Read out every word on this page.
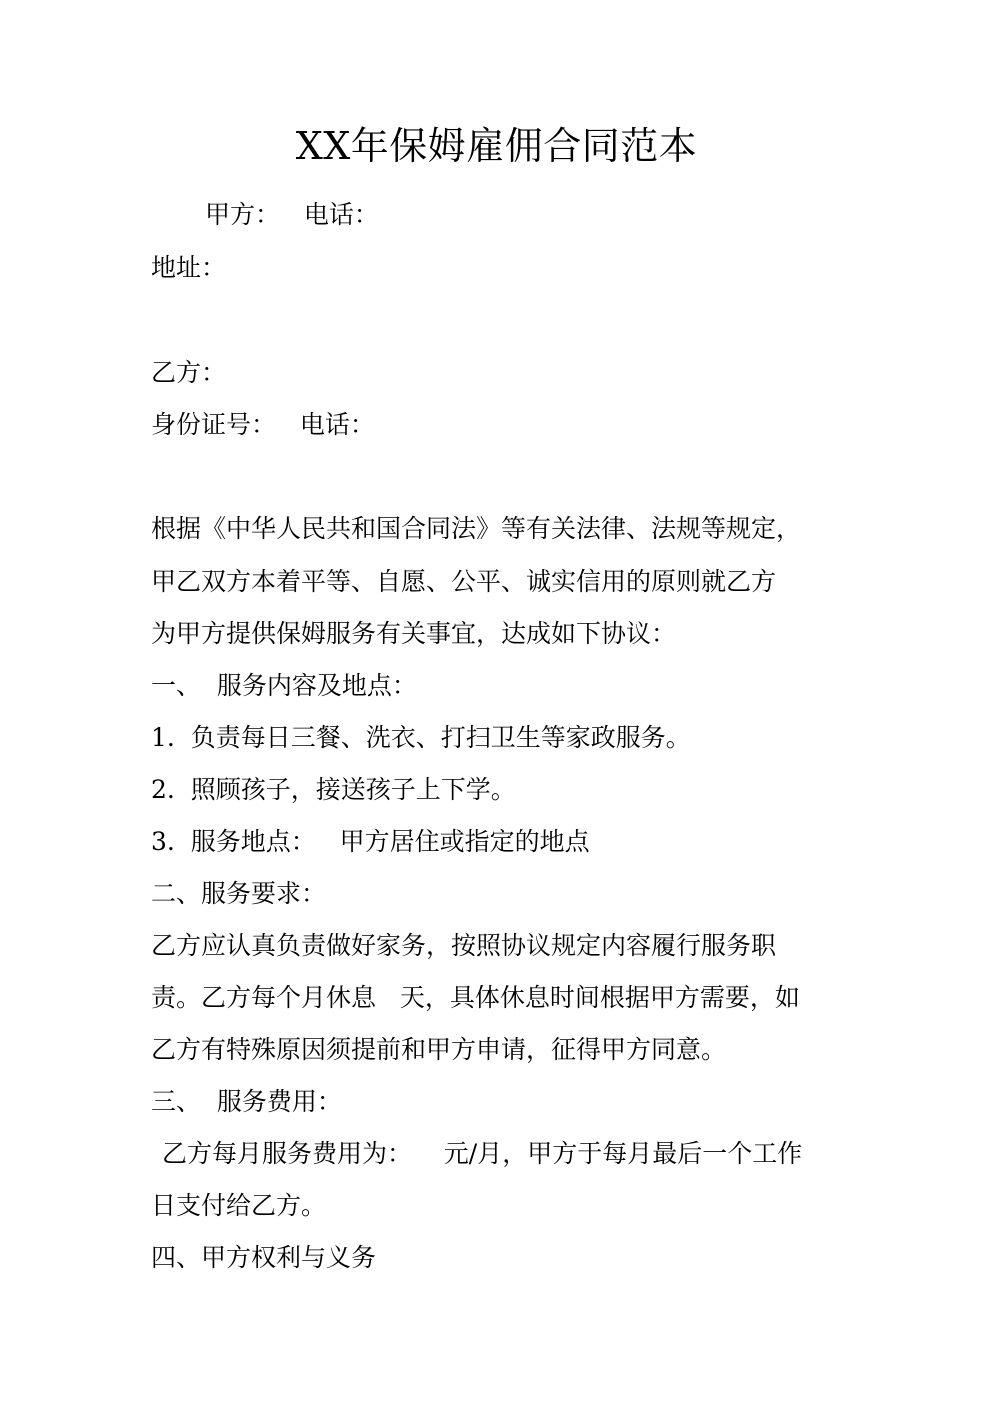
XX年保姆雇佣合同范本
甲方：   电话：
地址：
乙方：
身份证号：   电话：
根据《中华人民共和国合同法》等有关法律、法规等规定，
甲乙双方本着平等、自愿、公平、诚实信用的原则就乙方
为甲方提供保姆服务有关事宜，达成如下协议：
一、  服务内容及地点：
1.  负责每日三餐、洗衣、打扫卫生等家政服务。
2.  照顾孩子，接送孩子上下学。
3.  服务地点：   甲方居住或指定的地点
二、服务要求：
乙方应认真负责做好家务，按照协议规定内容履行服务职
责。乙方每个月休息   天，具体休息时间根据甲方需要，如
乙方有特殊原因须提前和甲方申请，征得甲方同意。
三、  服务费用：
乙方每月服务费用为：    元/月，甲方于每月最后一个工作
日支付给乙方。
四、甲方权利与义务
